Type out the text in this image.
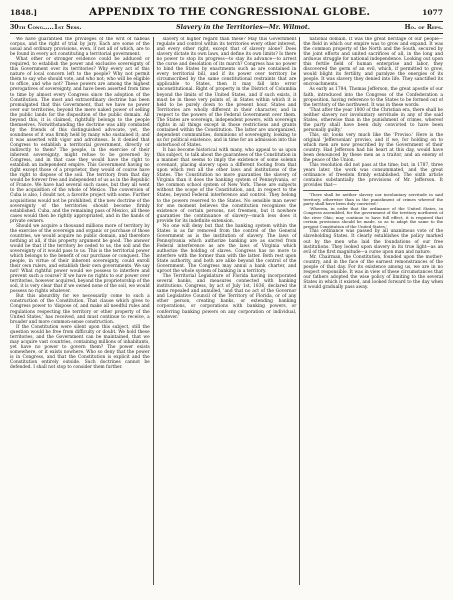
1848.]	APPENDIX TO THE CONGRESSIONAL GLOBE.	1077
30th Cong.....1st Sess.	Slavery in the Territories—Mr. Wilmot.	Ho. of Reps.

We have guarantied the privileges of the writ of habeas corpus, and the right of trial by jury. Each are some of the usual and ordinary provisions, even, if not all of which, are to be found in every act constituting a territorial government.

What other or stronger evidence could be adduced or required, to establish the power and exclusive sovereignty of this Government over its territories? Why every act of this nature of local concern left to the people? Why not permit them to say who should vote, and who not; who will be eligible to office, and who not? These powers are among the highest prerogatives of sovereignty, and have been asserted from time to time by almost every Congress since the adoption of the Constitution. The most and extraordinary doctrine has been promulgated that this Government, that we have no power over our territories, beyond the mere naked power of selling the public lands for the disposition of the public domain. All beyond this, it is claimed, rightfully belongs to the people themselves. Notwithstanding the doctrine was ably combated by the friends of this distinguished advocate, yet, the soundness of it was firmly held by many who sustained it; and it was asserted with vigor and adroitness. Is it denied that Congress to establish a territorial government, directly or indirectly to them? The people, in the exercise of their inherent sovereignty, might refuse to be governed by Congress, and in that case they would have the right to establish an independent empire. This Government having no right except those of a proprietor, they would of course have the right to dispose of the soil. The territory from that day would be forever free and independent of us as in the Republic of France. We have had several such cases, but they all went to the acquisition of the whole of Mexico. The conversion of Cuba is also, I doubt not, a favorite project with some. Further acquisitions would not be prohibited, if the new doctrine of the sovereignty of the territories should become firmly established. Cuba, and the remaining pass of Mexico, all these cases would then be rightly appropriated, and in the hands of private owners.

Should we acquire a thousand millions more of territory by the exercise of the sovereign and organic or purchase of those countries, we would acquire no public domain, and therefore nothing at all, if this property argument be good. The answer would be that if the territory be ceded to us, the soil and the sovereignty of it would pass to us. This is the territorial power which belongs to the benefit of our purchase or conquest. The people, in virtue of their inherent sovereignty, could enroll their own rulers, and establish their own governments. We say not! What rightful power would we possess to interfere and prevent such a course? If we have no rights to our power over territories, however acquired, beyond the proprietorship of the soil, it is very clear that if we owned none of the soil, we would possess no rights whatever.

But this absurdity for we necessarily come to such a construction of the Constitution. That clause which gives to Congress power to 'dispose of, and make all needful rules and regulations respecting the territory or other property of the United States,' has received, and must continue to receive, a broader and more common-sense construction.

If the Constitution were silent upon this subject, still the question would be free from difficulty or doubt. We hold these territories, and the Government can be maintained, that we may acquire vast countries, containing millions of inhabitants, yet have no power to govern them? The power exists somewhere, or it exists nowhere. Who so deny that the power is in Congress, and that the Constitution is explicit and the Constitution entirely outside. Such doctrines cannot be defended. I shall not stop to consider them further.

slavery of higher regard than these? May this Government regulate and control within its territories every other interest, and every other right, except that of slavery alone? Does slavery dictate its own laws, and define its own limits? Is there no power to stop its progress—to stay its advance—to arrest the curse and desolation of its march? Congress has no power to bind the States by enactments such as are contained in every territorial bill, and if its power over territory be circumscribed by the same constitutional restraints that are applicable to States, then it may fall into error unconstitutional. Right of property in the District of Columbia beyond the limits of the United States, and if such exists, it must be in these very points of, in States within which it is held to be purely down to the present hour. States and Territories are wholly different in their character, and in respect to the powers of the Federal Government over them. The States are sovereign, independent powers, with sovereign rights in all things except in those restrictions and grants contained within the Constitution. The latter are unorganized, dependent communities, dominions of sovereignty, looking to us for political existence, and in time for an admission into this sisterhood of States.

It has become historical with many, who appeal to us upon this subject, to talk about the guarantees of the Constitution in a manner that seems to imply the existence of some solemn covenant, placing slavery upon a different footing from that upon which rest all the other laws and institutions of the States. The Constitution no more guaranties the slavery of Virginia than it does the banking system of Pennsylvania, or the common school system of New York. These are subjects without the scope of the Constitution, and, in respect to the States, beyond Federal interference and control. They belong to the powers reserved to the States. No sensible man never for one moment believes the constitution recognizes the existence of certain persons, not freemen, but it nowhere guaranties the continuance of slavery—much less does it provide for its indefinite extension.

No one will deny but that the banking system within the States is as far removed from the control of the General Government as is the institution of slavery. The laws of Pennsylvania which authorize banking are as sacred from Federal interference as are the laws of Virginia which authorize the holding of slaves. Congress has no more to interfere with the former than with the latter. Both rest upon State authority, and both are alike beyond the control of the Government. The Congress may annul a bank charter, and uproot the whole system of banking in a territory.

The Territorial Legislature of Florida having incorporated several banks, and measures connected with banking institutions. Congress, by act of July 1st, 1836, declared the same repealed and annulled, 'and that no act of the Governor and Legislative Council of the Territory of Florida, or of any other person, creating banks, or extending banking corporations, or corporations with banking powers, or conferring banking powers on any corporation or individual, whatever.'

national domain. It was the great heritage of our people—the field in which our empire was to grow and expand. It was the common property of the North and the South, secured by the joint efforts and united sacrifices of all, in the long and arduous struggle for national independence. Looking out upon this fertile field of human enterprise and labor, they discovered the germ of an evil, which, if permitted to grow, would blight its fertility, and paralyze the energies of its people. It was slavery they denied into life. They sanctified its encroachments.

As early as 1784, Thomas Jefferson, the great apostle of our faith, introduced into the Congress of the Confederation a proposition, having reference to the States to be formed out of the territory of the northwest. It was in these words:

'That after the year 1800 of the Christian era, there shall be neither slavery nor involuntary servitude in any of the said States, otherwise than in the punishment of crimes, whereof the party shall have been duly convicted to have been personally guilty.'

This, sir, looks very much like the 'Proviso.' Here is the original 'Jeffersonian' proviso, and if we, for holding on to which men are now prescribed by the Government of their country. Had Jefferson had his heart at this day, would have been denounced by these men as a traitor, and an enemy of the peace of the Union.

This resolution did not pass at the time; but, in 1787, three years later, the work was consummated, and the great ordinance of freedom firmly established. The sixth article contains substantially the provisions of Mr. Jefferson. It provides that—

'There shall be neither slavery nor involuntary servitude in said territory, otherwise than in the punishment of crimes whereof the party shall have been duly convicted.'

'Wherein, in order that the ordinance of the United States, in Congress assembled, for the government of the territory northwest of the river Ohio, may continue to have full effect, it is required that certain provisions should be made, so as to adapt the same to the present Constitution of the United States.'

This ordinance was passed by all unanimous vote of the slaveholding States. It clearly establishes the policy marked out by the men who laid the foundations of our free institutions. They looked upon slavery in its true light—as an evil of the first magnitude—a curse upon man and nature.

Mr. Chairman, the Constitution, founded upon the mother-country, and in the face of the earnest remonstrances of the people of that day. For its existence among us, we are in no respect responsible. It was in view of these circumstances that our fathers adopted the wise policy of limiting to the several States in which it existed, and looked forward to the day when it would gradually pass away.
